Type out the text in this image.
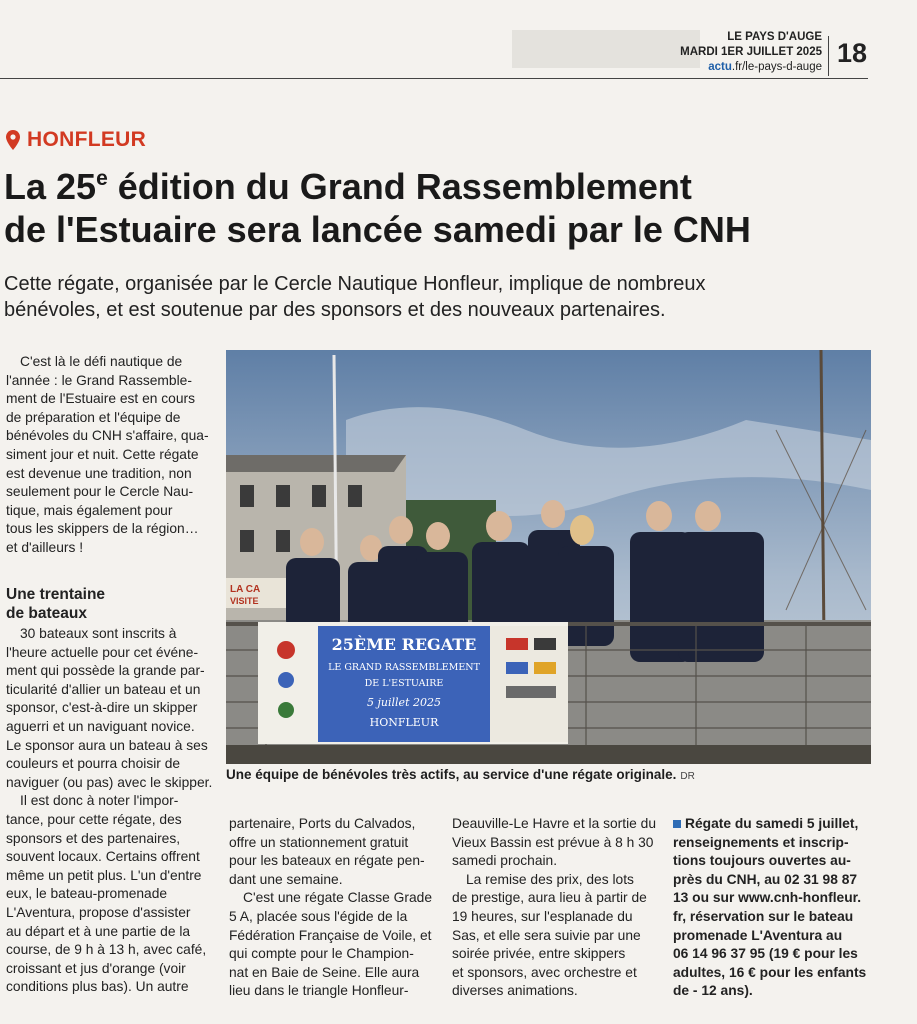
LE PAYS D'AUGE
MARDI 1ER JUILLET 2025
actu.fr/le-pays-d-auge 18
HONFLEUR
La 25e édition du Grand Rassemblement
de l'Estuaire sera lancée samedi par le CNH
Cette régate, organisée par le Cercle Nautique Honfleur, implique de nombreux
bénévoles, et est soutenue par des sponsors et des nouveaux partenaires.
C'est là le défi nautique de
l'année : le Grand Rassemble-
ment de l'Estuaire est en cours
de préparation et l'équipe de
bénévoles du CNH s'affaire, qua-
siment jour et nuit. Cette régate
est devenue une tradition, non
seulement pour le Cercle Nau-
tique, mais également pour
tous les skippers de la région…
et d'ailleurs !
Une trentaine
de bateaux
30 bateaux sont inscrits à
l'heure actuelle pour cet événe-
ment qui possède la grande par-
ticularité d'allier un bateau et un
sponsor, c'est-à-dire un skipper
aguerri et un naviguant novice.
Le sponsor aura un bateau à ses
couleurs et pourra choisir de
naviguer (ou pas) avec le skipper.
Il est donc à noter l'impor-
tance, pour cette régate, des
sponsors et des partenaires,
souvent locaux. Certains offrent
même un petit plus. L'un d'entre
eux, le bateau-promenade
L'Aventura, propose d'assister
au départ et à une partie de la
course, de 9 h à 13 h, avec café,
croissant et jus d'orange (voir
conditions plus bas). Un autre
LA CA
VISITE
25ÈME REGATE
LE GRAND RASSEMBLEMENT
DE L'ESTUAIRE
5 juillet 2025
HONFLEUR
Une équipe de bénévoles très actifs, au service d'une régate originale. DR
partenaire, Ports du Calvados,
offre un stationnement gratuit
pour les bateaux en régate pen-
dant une semaine.
C'est une régate Classe Grade
5 A, placée sous l'égide de la
Fédération Française de Voile, et
qui compte pour le Champion-
nat en Baie de Seine. Elle aura
lieu dans le triangle Honfleur-
Deauville-Le Havre et la sortie du
Vieux Bassin est prévue à 8 h 30
samedi prochain.
La remise des prix, des lots
de prestige, aura lieu à partir de
19 heures, sur l'esplanade du
Sas, et elle sera suivie par une
soirée privée, entre skippers
et sponsors, avec orchestre et
diverses animations.
Régate du samedi 5 juillet,
renseignements et inscrip-
tions toujours ouvertes au-
près du CNH, au 02 31 98 87
13 ou sur www.cnh-honfleur.
fr, réservation sur le bateau
promenade L'Aventura au
06 14 96 37 95 (19 € pour les
adultes, 16 € pour les enfants
de - 12 ans).
